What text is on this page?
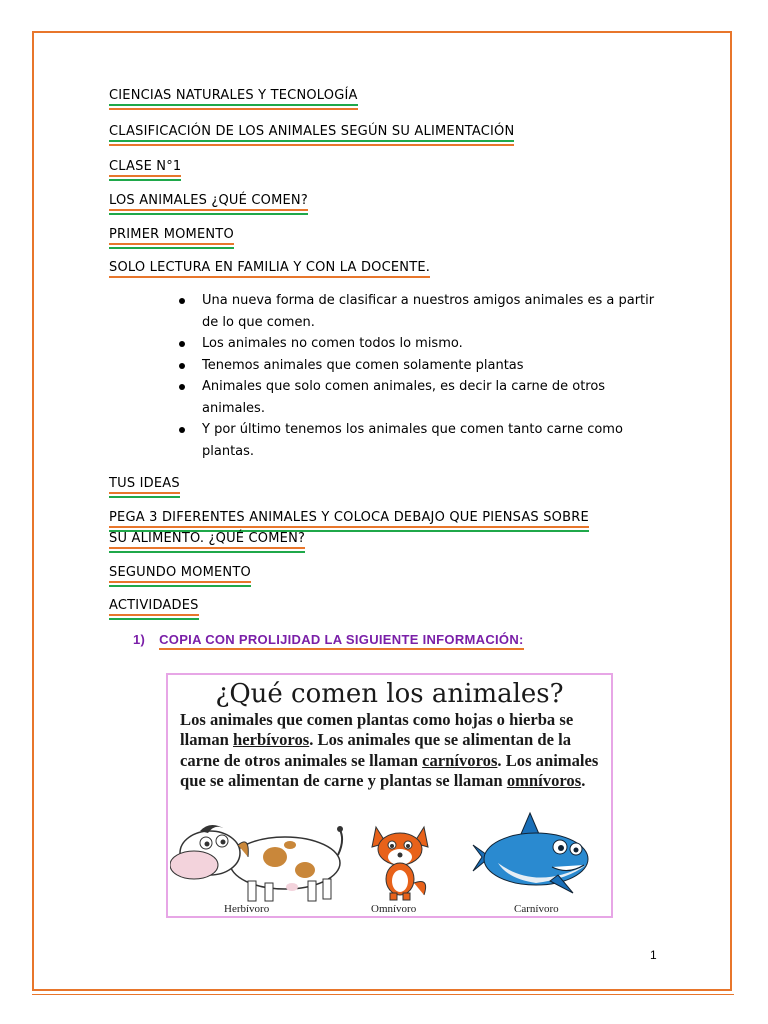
CIENCIAS NATURALES Y TECNOLOGÍA
CLASIFICACIÓN DE LOS ANIMALES SEGÚN SU ALIMENTACIÓN
CLASE N°1
LOS ANIMALES ¿QUÉ COMEN?
PRIMER MOMENTO
SOLO LECTURA EN FAMILIA Y CON LA DOCENTE.
Una nueva forma de clasificar a nuestros amigos animales es a partir de lo que comen.
Los animales no comen todos lo mismo.
Tenemos animales que comen solamente plantas
Animales que solo comen animales, es decir la carne de otros animales.
Y por último tenemos los animales que comen tanto carne como plantas.
TUS IDEAS
PEGA 3 DIFERENTES ANIMALES Y COLOCA DEBAJO QUE PIENSAS SOBRE
SU ALIMENTO. ¿QUÉ COMEN?
SEGUNDO MOMENTO
ACTIVIDADES
1) COPIA CON PROLIJIDAD LA SIGUIENTE INFORMACIÓN:
¿Qué comen los animales?
Los animales que comen plantas como hojas o hierba se llaman herbívoros. Los animales que se alimentan de la carne de otros animales se llaman carnívoros. Los animales que se alimentan de carne y plantas se llaman omnívoros.
Herbívoro	Omnívoro	Carnívoro
1
